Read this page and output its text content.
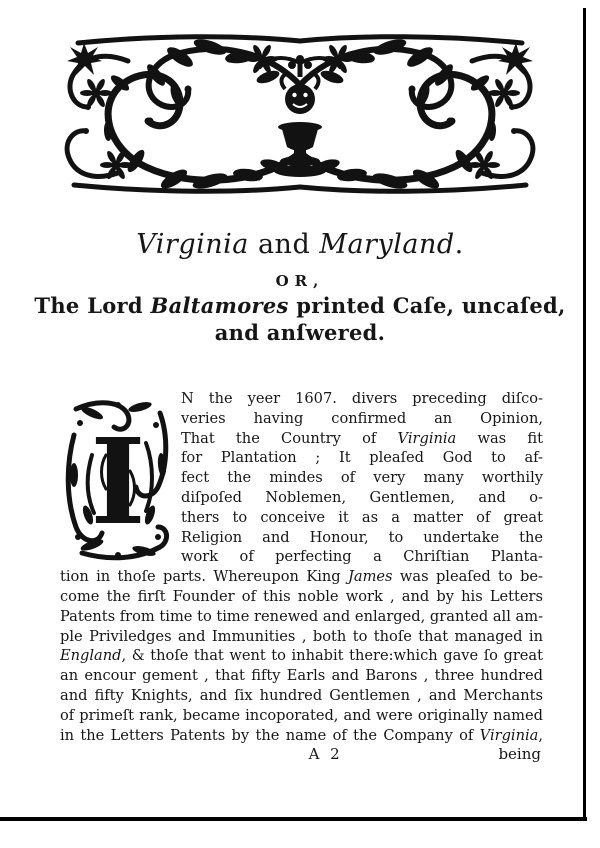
Virginia and Maryland.
OR,
The Lord Baltamores printed Caſe, uncaſed,
and anſwered.
I
N the yeer 1607. divers preceding diſco-
veries having confirmed an Opinion,
That the Country of Virginia was fit
for Plantation ; It pleaſed God to af-
fect the mindes of very many worthily
diſpoſed Noblemen, Gentlemen, and o-
thers to conceive it as a matter of great
Religion and Honour, to undertake the
work of perfecting a Chriſtian Planta-
tion in thoſe parts. Whereupon King James was pleaſed to be-
come the firſt Founder of this noble work , and by his Letters
Patents from time to time renewed and enlarged, granted all am-
ple Priviledges and Immunities , both to thoſe that managed in
England, & thoſe that went to inhabit there:which gave ſo great
an encour gement , that fifty Earls and Barons , three hundred
and fifty Knights, and ſix hundred Gentlemen , and Merchants
of primeſt rank, became incoporated, and were originally named
in the Letters Patents by the name of the Company of Virginia,
A 2	being
